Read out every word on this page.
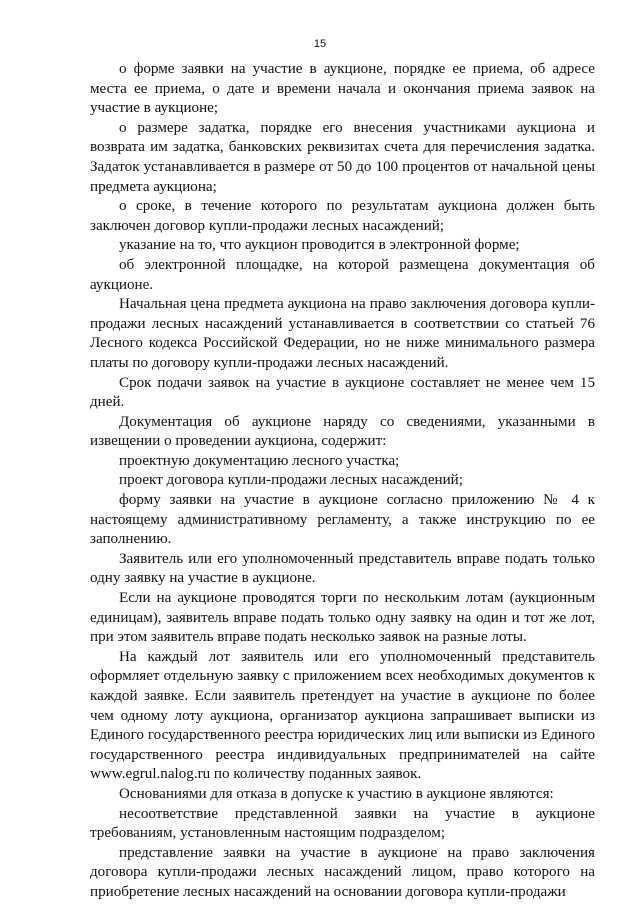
15

о форме заявки на участие в аукционе, порядке ее приема, об адресе места ее приема, о дате и времени начала и окончания приема заявок на участие в аукционе;

о размере задатка, порядке его внесения участниками аукциона и возврата им задатка, банковских реквизитах счета для перечисления задатка. Задаток устанавливается в размере от 50 до 100 процентов от начальной цены предмета аукциона;

о сроке, в течение которого по результатам аукциона должен быть заключен договор купли-продажи лесных насаждений;

указание на то, что аукцион проводится в электронной форме;

об электронной площадке, на которой размещена документация об аукционе.

Начальная цена предмета аукциона на право заключения договора купли-продажи лесных насаждений устанавливается в соответствии со статьей 76 Лесного кодекса Российской Федерации, но не ниже минимального размера платы по договору купли-продажи лесных насаждений.

Срок подачи заявок на участие в аукционе составляет не менее чем 15 дней.

Документация об аукционе наряду со сведениями, указанными в извещении о проведении аукциона, содержит:

проектную документацию лесного участка;

проект договора купли-продажи лесных насаждений;

форму заявки на участие в аукционе согласно приложению № 4 к настоящему административному регламенту, а также инструкцию по ее заполнению.

Заявитель или его уполномоченный представитель вправе подать только одну заявку на участие в аукционе.

Если на аукционе проводятся торги по нескольким лотам (аукционным единицам), заявитель вправе подать только одну заявку на один и тот же лот, при этом заявитель вправе подать несколько заявок на разные лоты.

На каждый лот заявитель или его уполномоченный представитель оформляет отдельную заявку с приложением всех необходимых документов к каждой заявке. Если заявитель претендует на участие в аукционе по более чем одному лоту аукциона, организатор аукциона запрашивает выписки из Единого государственного реестра юридических лиц или выписки из Единого государственного реестра индивидуальных предпринимателей на сайте www.egrul.nalog.ru по количеству поданных заявок.

Основаниями для отказа в допуске к участию в аукционе являются:

несоответствие представленной заявки на участие в аукционе требованиям, установленным настоящим подразделом;

представление заявки на участие в аукционе на право заключения договора купли-продажи лесных насаждений лицом, право которого на приобретение лесных насаждений на основании договора купли-продажи
